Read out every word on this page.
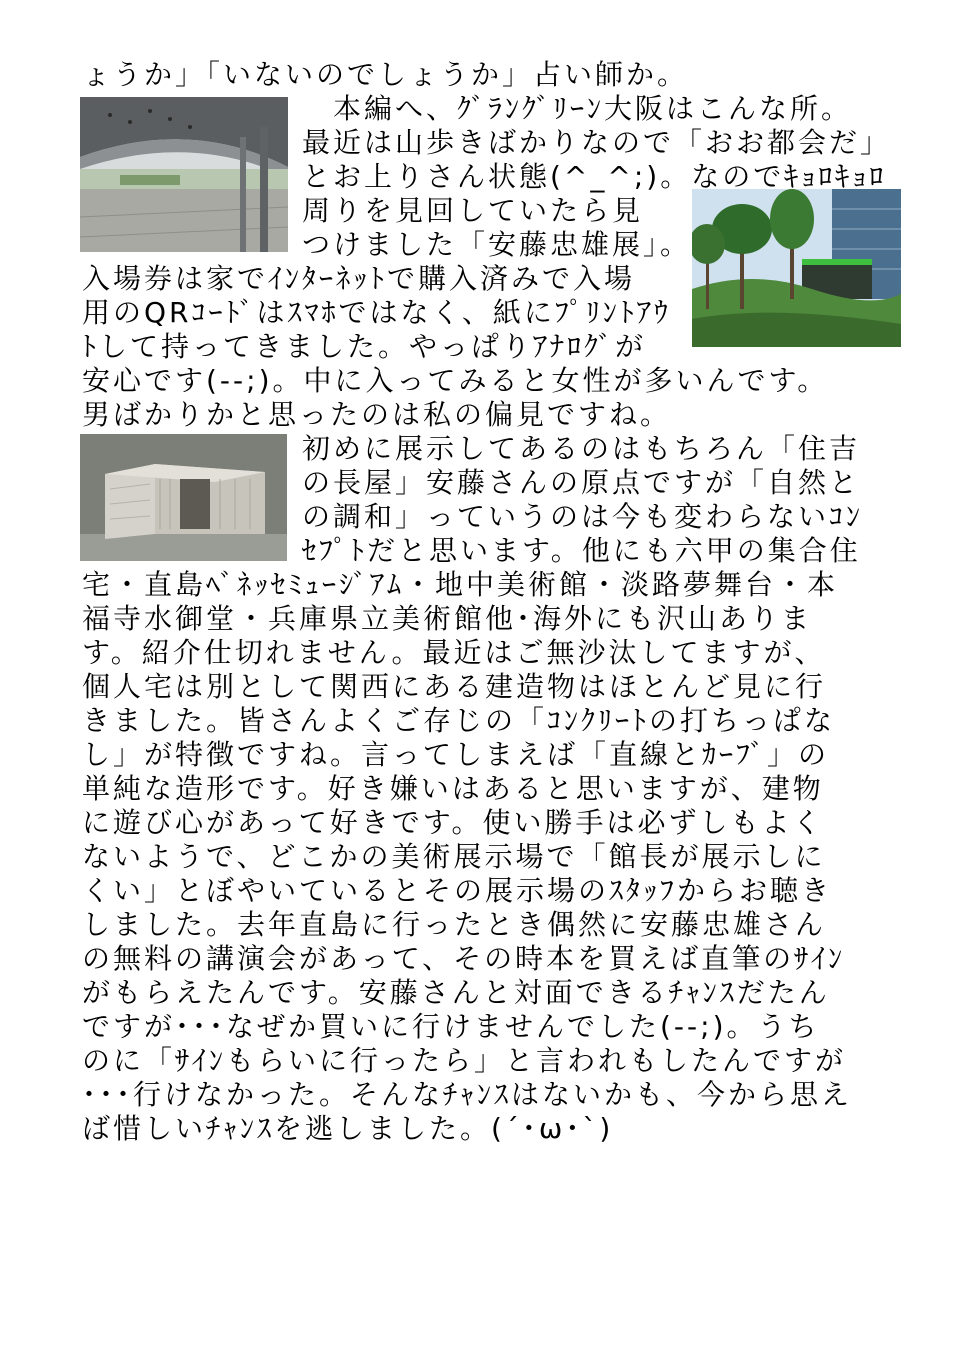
ょうか」「いないのでしょうか」占い師か。
　本編へ、ｸﾞﾗﾝｸﾞﾘｰﾝ大阪はこんな所。
最近は山歩きばかりなので「おお都会だ」
とお上りさん状態(^_^;)。なのでｷｮﾛｷｮﾛ
周りを見回していたら見
つけました「安藤忠雄展」。
入場券は家でｲﾝﾀｰﾈｯﾄで購入済みで入場
用のQRｺｰﾄﾞはｽﾏﾎではなく、紙にﾌﾟﾘﾝﾄｱｳ
ﾄして持ってきました。やっぱりｱﾅﾛｸﾞが
安心です(--;)。中に入ってみると女性が多いんです。
男ばかりかと思ったのは私の偏見ですね。
初めに展示してあるのはもちろん「住吉
の長屋」安藤さんの原点ですが「自然と
の調和」っていうのは今も変わらないｺﾝ
ｾﾌﾟﾄだと思います。他にも六甲の集合住
宅・直島ﾍﾞﾈｯｾﾐｭｰｼﾞｱﾑ・地中美術館・淡路夢舞台・本
福寺水御堂・兵庫県立美術館他･海外にも沢山ありま
す。紹介仕切れません。最近はご無沙汰してますが、
個人宅は別として関西にある建造物はほとんど見に行
きました。皆さんよくご存じの「ｺﾝｸﾘｰﾄの打ちっぱな
し」が特徴ですね。言ってしまえば「直線とｶｰﾌﾞ」の
単純な造形です。好き嫌いはあると思いますが、建物
に遊び心があって好きです。使い勝手は必ずしもよく
ないようで、どこかの美術展示場で「館長が展示しに
くい」とぼやいているとその展示場のｽﾀｯﾌからお聴き
しました。去年直島に行ったとき偶然に安藤忠雄さん
の無料の講演会があって、その時本を買えば直筆のｻｲﾝ
がもらえたんです。安藤さんと対面できるﾁｬﾝｽだたん
ですが･･･なぜか買いに行けませんでした(--;)。うち
のに「ｻｲﾝもらいに行ったら」と言われもしたんですが
･･･行けなかった。そんなﾁｬﾝｽはないかも、今から思え
ば惜しいﾁｬﾝｽを逃しました。(´･ω･`)
